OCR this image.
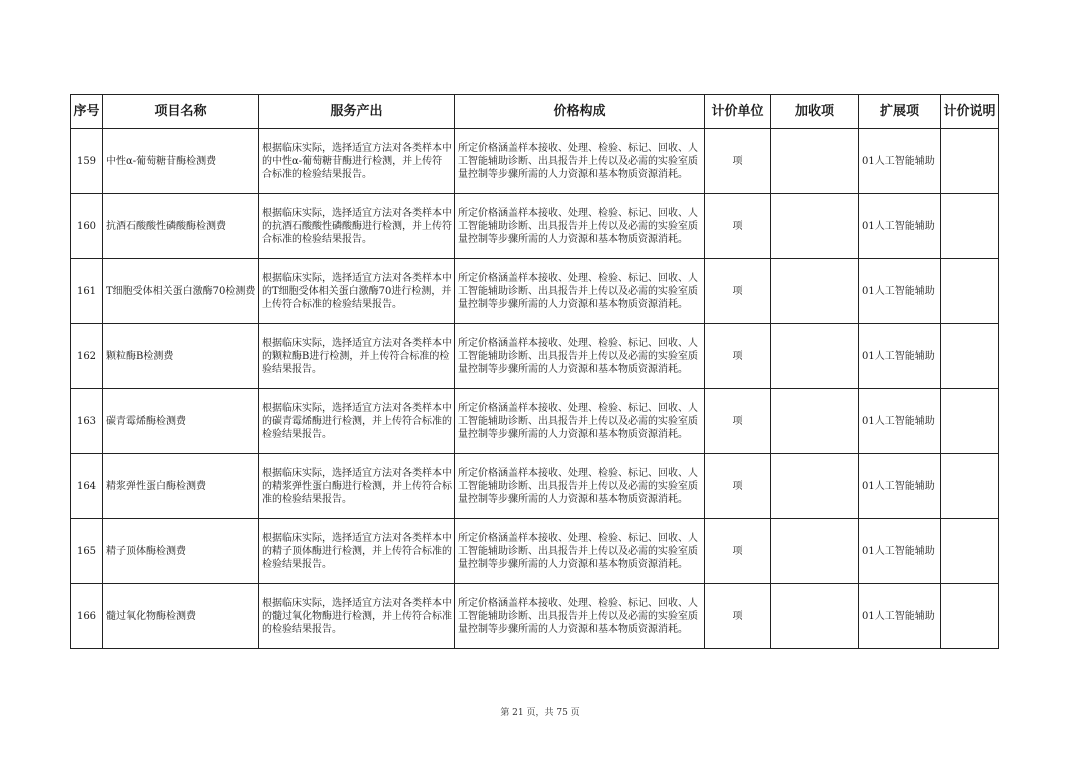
序号	项目名称	服务产出	价格构成	计价单位	加收项	扩展项	计价说明
159	中性α-葡萄糖苷酶检测费	根据临床实际，选择适宜方法对各类样本中的中性α-葡萄糖苷酶进行检测，并上传符合标准的检验结果报告。	所定价格涵盖样本接收、处理、检验、标记、回收、人工智能辅助诊断、出具报告并上传以及必需的实验室质量控制等步骤所需的人力资源和基本物质资源消耗。	项		01人工智能辅助	
160	抗酒石酸酸性磷酸酶检测费	根据临床实际，选择适宜方法对各类样本中的抗酒石酸酸性磷酸酶进行检测，并上传符合标准的检验结果报告。	所定价格涵盖样本接收、处理、检验、标记、回收、人工智能辅助诊断、出具报告并上传以及必需的实验室质量控制等步骤所需的人力资源和基本物质资源消耗。	项		01人工智能辅助	
161	T细胞受体相关蛋白激酶70检测费	根据临床实际，选择适宜方法对各类样本中的T细胞受体相关蛋白激酶70进行检测，并上传符合标准的检验结果报告。	所定价格涵盖样本接收、处理、检验、标记、回收、人工智能辅助诊断、出具报告并上传以及必需的实验室质量控制等步骤所需的人力资源和基本物质资源消耗。	项		01人工智能辅助	
162	颗粒酶B检测费	根据临床实际，选择适宜方法对各类样本中的颗粒酶B进行检测，并上传符合标准的检验结果报告。	所定价格涵盖样本接收、处理、检验、标记、回收、人工智能辅助诊断、出具报告并上传以及必需的实验室质量控制等步骤所需的人力资源和基本物质资源消耗。	项		01人工智能辅助	
163	碳青霉烯酶检测费	根据临床实际，选择适宜方法对各类样本中的碳青霉烯酶进行检测，并上传符合标准的检验结果报告。	所定价格涵盖样本接收、处理、检验、标记、回收、人工智能辅助诊断、出具报告并上传以及必需的实验室质量控制等步骤所需的人力资源和基本物质资源消耗。	项		01人工智能辅助	
164	精浆弹性蛋白酶检测费	根据临床实际，选择适宜方法对各类样本中的精浆弹性蛋白酶进行检测，并上传符合标准的检验结果报告。	所定价格涵盖样本接收、处理、检验、标记、回收、人工智能辅助诊断、出具报告并上传以及必需的实验室质量控制等步骤所需的人力资源和基本物质资源消耗。	项		01人工智能辅助	
165	精子顶体酶检测费	根据临床实际，选择适宜方法对各类样本中的精子顶体酶进行检测，并上传符合标准的检验结果报告。	所定价格涵盖样本接收、处理、检验、标记、回收、人工智能辅助诊断、出具报告并上传以及必需的实验室质量控制等步骤所需的人力资源和基本物质资源消耗。	项		01人工智能辅助	
166	髓过氧化物酶检测费	根据临床实际，选择适宜方法对各类样本中的髓过氧化物酶进行检测，并上传符合标准的检验结果报告。	所定价格涵盖样本接收、处理、检验、标记、回收、人工智能辅助诊断、出具报告并上传以及必需的实验室质量控制等步骤所需的人力资源和基本物质资源消耗。	项		01人工智能辅助	
第 21 页，共 75 页
